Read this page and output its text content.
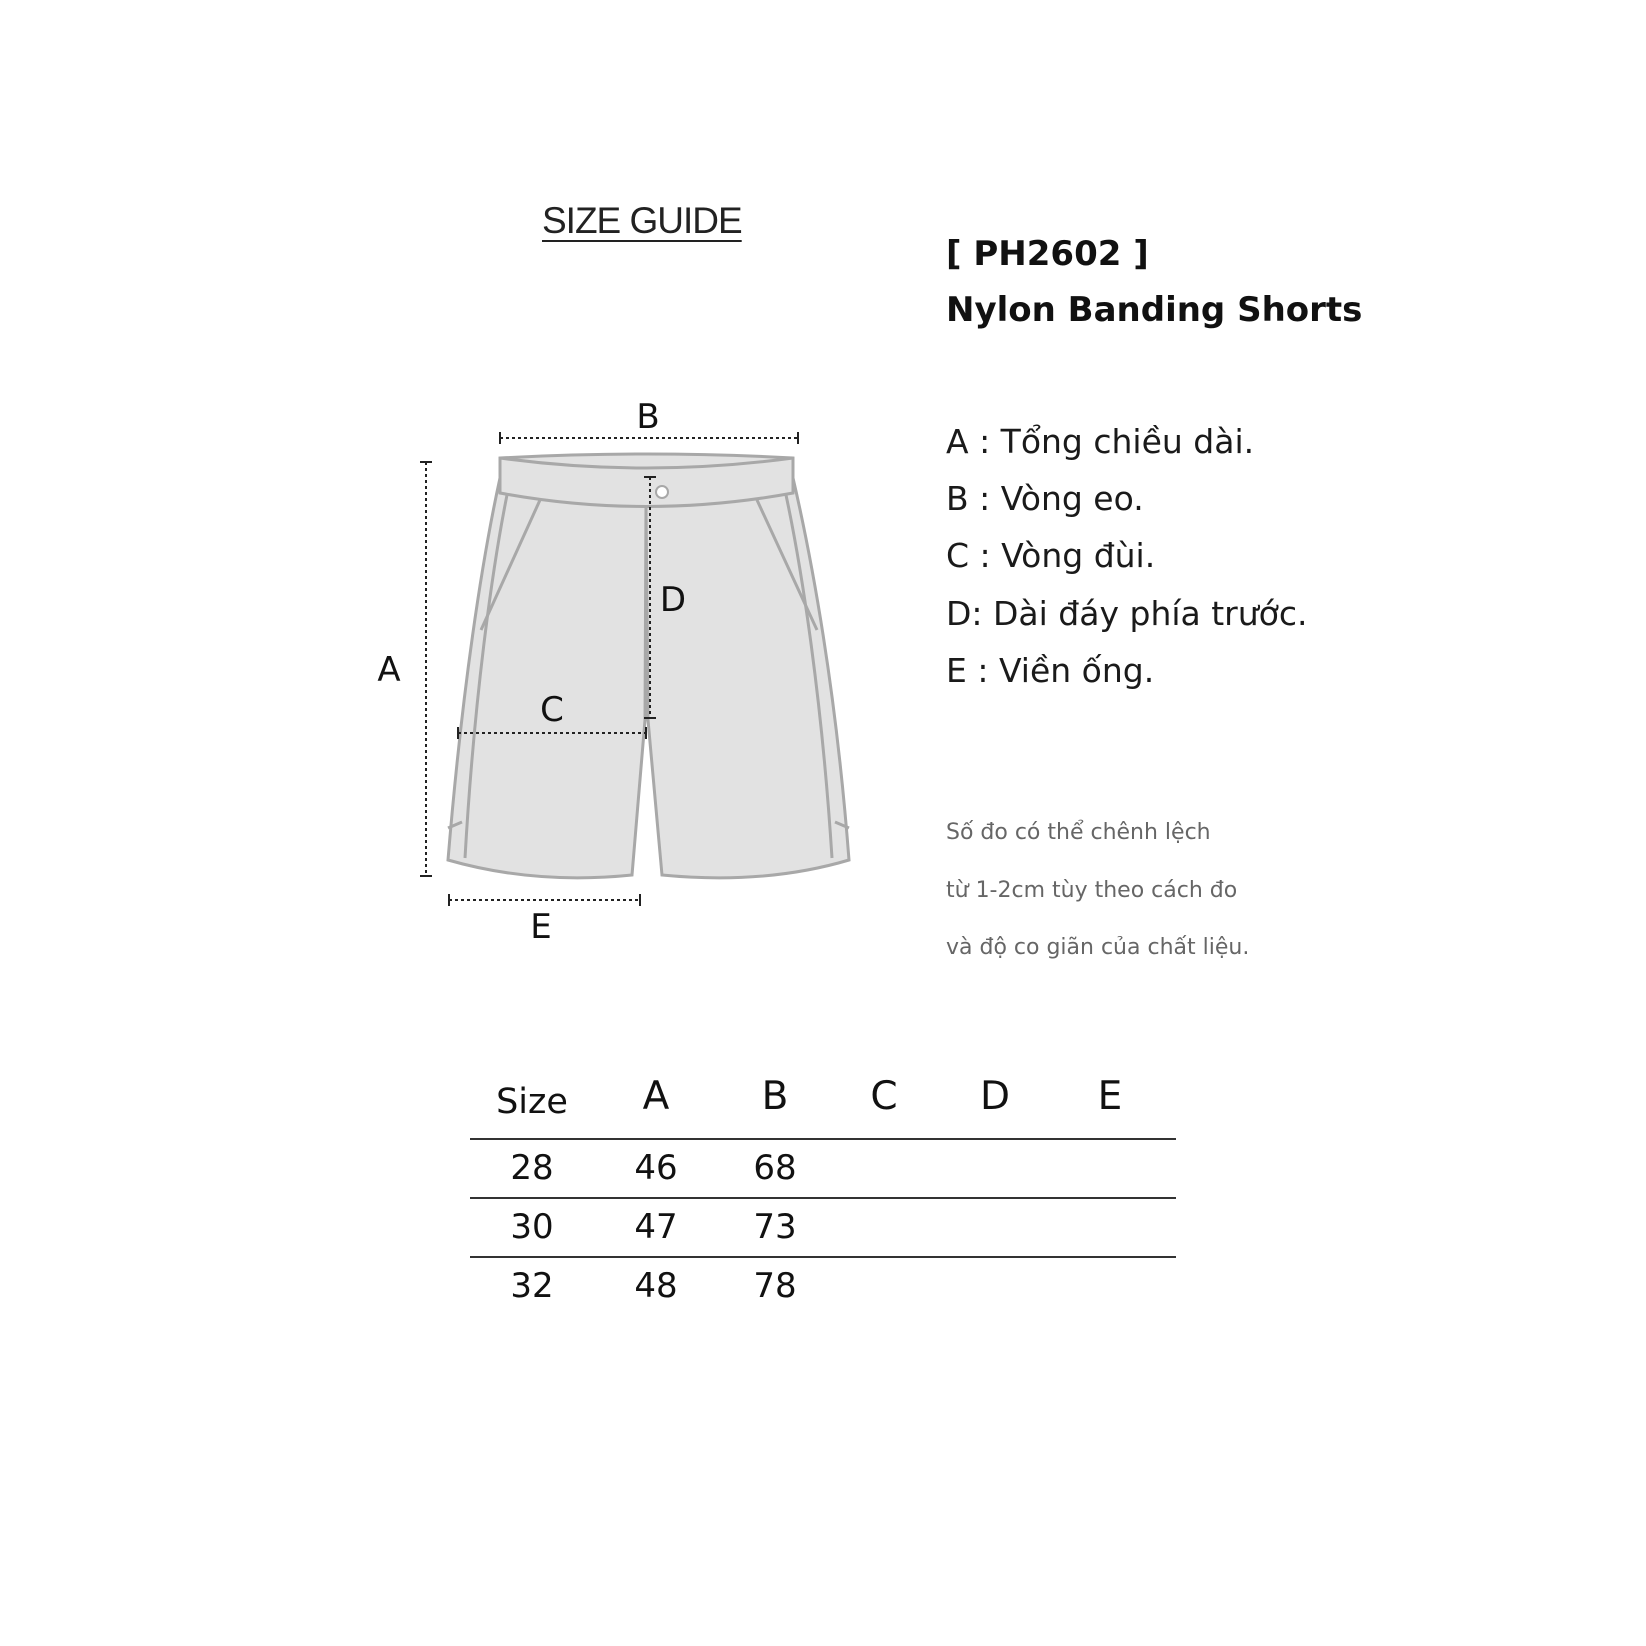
SIZE GUIDE
[ PH2602 ]
Nylon Banding Shorts
A
B
C
D
E
A : Tổng chiều dài.
B : Vòng eo.
C : Vòng đùi.
D: Dài đáy phía trước.
E : Viền ống.
Số đo có thể chênh lệch
từ 1-2cm tùy theo cách đo
và độ co giãn của chất liệu.
Size	A	B	C	D	E
28	46	68
30	47	73
32	48	78
